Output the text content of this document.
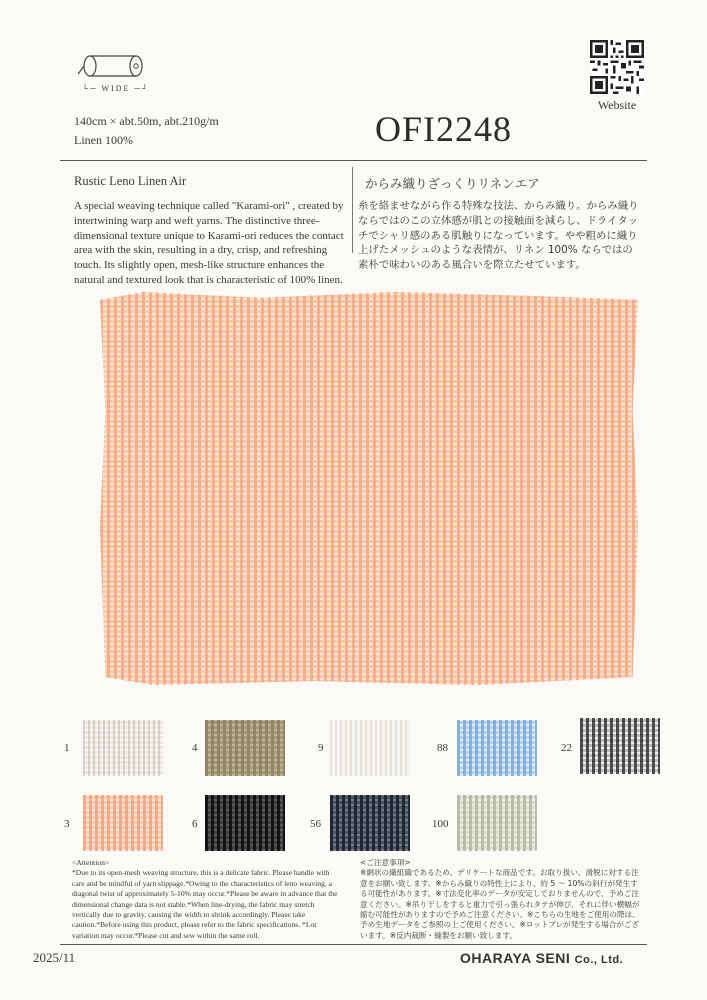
└─ WIDE ─┘
Website
140cm × abt.50m, abt.210g/m
Linen 100%	OFI2248
Rustic Leno Linen Air	からみ織りざっくりリネンエア
A special weaving technique called "Karami-ori" , created by intertwining warp and weft yarns. The distinctive three-dimensional texture unique to Karami-ori reduces the contact area with the skin, resulting in a dry, crisp, and refreshing touch. Its slightly open, mesh-like structure enhances the natural and textured look that is characteristic of 100% linen.
糸を絡ませながら作る特殊な技法、からみ織り。からみ織りならではのこの立体感が肌との接触面を減らし、ドライタッチでシャリ感のある肌触りになっています。やや粗めに織り上げたメッシュのような表情が、リネン 100% ならではの素朴で味わいのある風合いを際立たせています。
1	4	9	88	22
3	6	56	100
<Attention>
*Due to its open-mesh weaving structure, this is a delicate fabric. Please handle with care and be mindful of yarn slippage.*Owing to the characteristics of leno weaving, a diagonal twist of approximately 5-10% may occur.*Please be aware in advance that the dimensional change data is not stable.*When line-drying, the fabric may stretch vertically due to gravity, causing the width to shrink accordingly. Please take caution.*Before using this product, please refer to the fabric specifications. *Lot variation may occur.*Please cut and sew within the same roll.
<ご注意事項>
※網状の織組織であるため、デリケートな商品です。お取り扱い、滑脱に対する注意をお願い致します。※からみ織りの特性上により、約 5 〜 10%の斜行が発生する可能性があります。※寸法変化率のデータが安定しておりませんので、予めご注意ください。※吊り干しをすると重力で引っ張られタテが伸び、それに伴い横幅が縮む可能性がありますので予めご注意ください。※こちらの生地をご使用の際は、予め生地データをご参照の上ご使用ください。※ロットブレが発生する場合がございます。※反内裁断・縫製をお願い致します。
2025/11	OHARAYA SENI Co., Ltd.
